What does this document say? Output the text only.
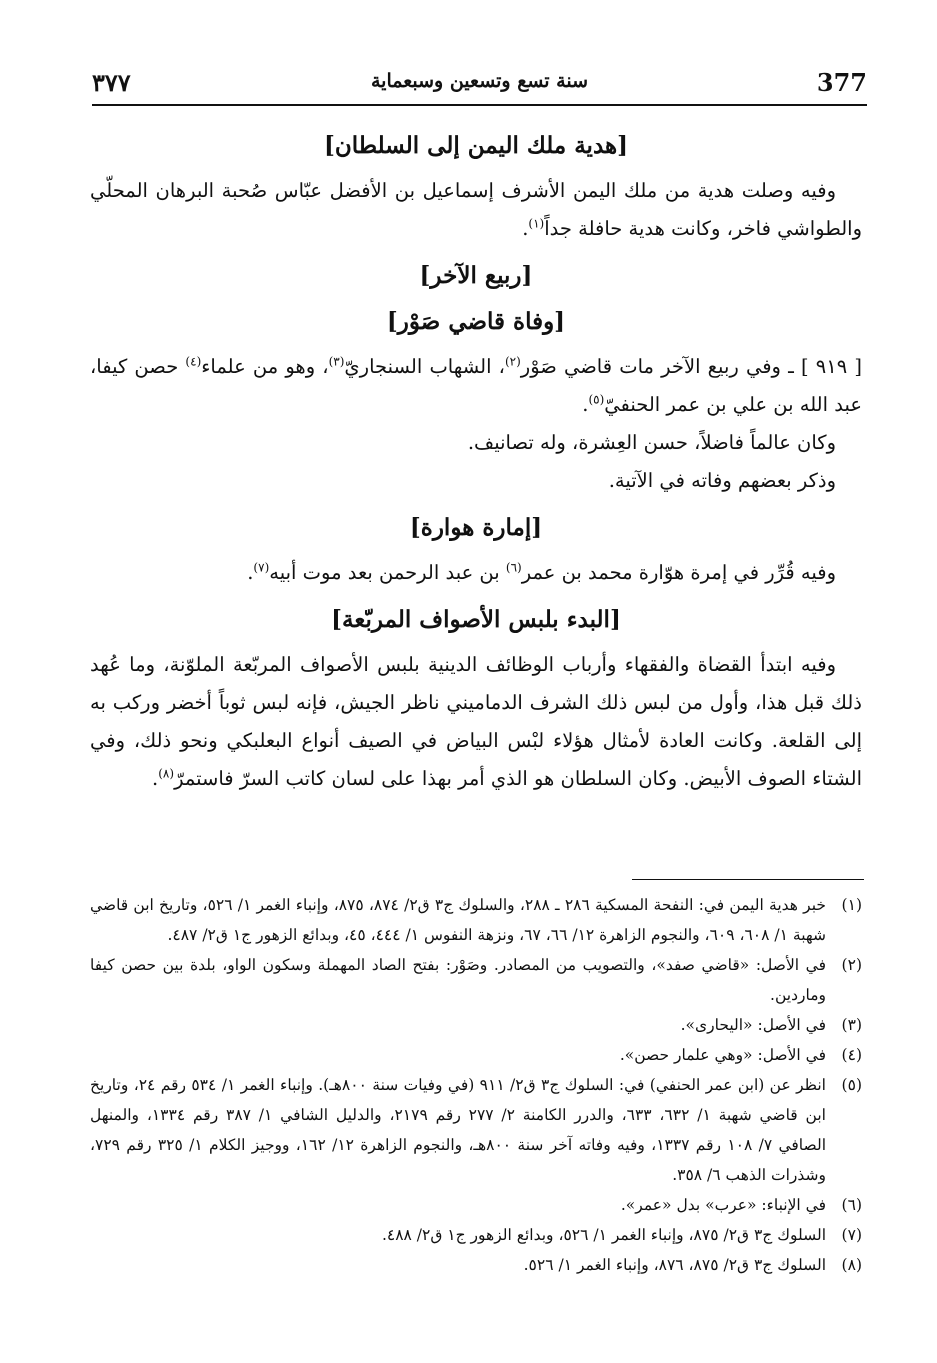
٣٧٧	سنة تسع وتسعين وسبعماية	377
[هدية ملك اليمن إلى السلطان]

وفيه وصلت هدية من ملك اليمن الأشرف إسماعيل بن الأفضل عبّاس صُحبة البرهان المحلّي والطواشي فاخر، وكانت هدية حافلة جداً$^{(١)}$.

[ربيع الآخر]
[وفاة قاضي صَوْر]

[ ٩١٩ ] ـ وفي ربيع الآخر مات قاضي صَوْر$^{(٢)}$، الشهاب السنجاريّ$^{(٣)}$، وهو من علماء$^{(٤)}$ حصن كيفا، عبد الله بن علي بن عمر الحنفيّ$^{(٥)}$.

وكان عالماً فاضلاً، حسن العِشرة، وله تصانيف.

وذكر بعضهم وفاته في الآتية.

[إمارة هوارة]

وفيه قُرِّر في إمرة هوّارة محمد بن عمر$^{(٦)}$ بن عبد الرحمن بعد موت أبيه$^{(٧)}$.

[البدء بلبس الأصواف المربّعة]

وفيه ابتدأ القضاة والفقهاء وأرباب الوظائف الدينية بلبس الأصواف المربّعة الملوّنة، وما عُهد ذلك قبل هذا، وأول من لبس ذلك الشرف الدماميني ناظر الجيش، فإنه لبس ثوباً أخضر وركب به إلى القلعة. وكانت العادة لأمثال هؤلاء لبْس البياض في الصيف أنواع البعلبكي ونحو ذلك، وفي الشتاء الصوف الأبيض. وكان السلطان هو الذي أمر بهذا على لسان كاتب السرّ فاستمرّ$^{(٨)}$.

(١)
خبر هدية اليمن في: النفحة المسكية ٢٨٦ ـ ٢٨٨، والسلوك ج٣ ق٢/ ٨٧٤، ٨٧٥، وإنباء الغمر ١/ ٥٢٦، وتاريخ ابن قاضي شهبة ١/ ٦٠٨، ٦٠٩، والنجوم الزاهرة ١٢/ ٦٦، ٦٧، ونزهة النفوس ١/ ٤٤٤، ٤٥، وبدائع الزهور ج١ ق٢/ ٤٨٧.
(٢)
في الأصل: «قاضي صفد»، والتصويب من المصادر. وصَوْر: بفتح الصاد المهملة وسكون الواو، بلدة بين حصن كيفا وماردين.
(٣)
في الأصل: «اليحارى».
(٤)
في الأصل: «وهي علمار حصن».
(٥)
انظر عن (ابن عمر الحنفي) في: السلوك ج٣ ق٢/ ٩١١ (في وفيات سنة ٨٠٠هـ). وإنباء الغمر ١/ ٥٣٤ رقم ٢٤، وتاريخ ابن قاضي شهبة ١/ ٦٣٢، ٦٣٣، والدرر الكامنة ٢/ ٢٧٧ رقم ٢١٧٩، والدليل الشافي ١/ ٣٨٧ رقم ١٣٣٤، والمنهل الصافي ٧/ ١٠٨ رقم ١٣٣٧، وفيه وفاته آخر سنة ٨٠٠هـ، والنجوم الزاهرة ١٢/ ١٦٢، ووجيز الكلام ١/ ٣٢٥ رقم ٧٢٩، وشذرات الذهب ٦/ ٣٥٨.
(٦)
في الإنباء: «عرب» بدل «عمر».
(٧)
السلوك ج٣ ق٢/ ٨٧٥، وإنباء الغمر ١/ ٥٢٦، وبدائع الزهور ج١ ق٢/ ٤٨٨.
(٨)
السلوك ج٣ ق٢/ ٨٧٥، ٨٧٦، وإنباء الغمر ١/ ٥٢٦.
